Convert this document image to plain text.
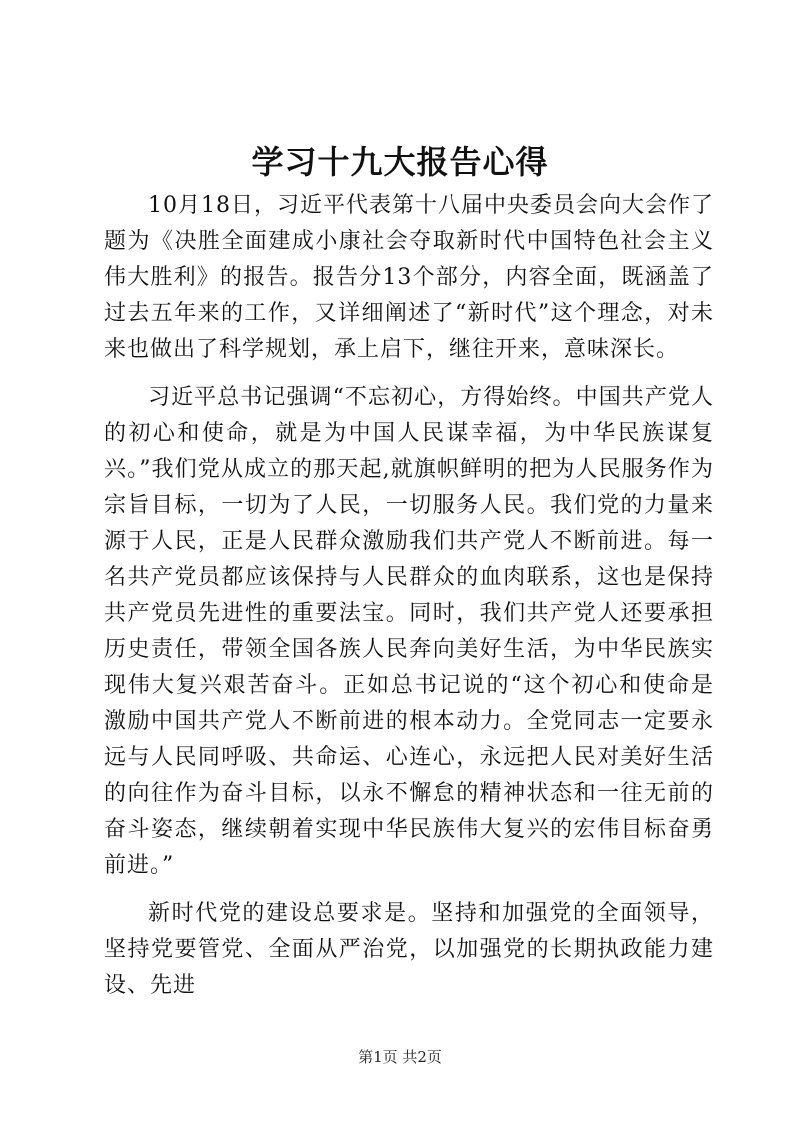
学习十九大报告心得

10月18日，习近平代表第十八届中央委员会向大会作了题为《决胜全面建成小康社会夺取新时代中国特色社会主义伟大胜利》的报告。报告分13个部分，内容全面，既涵盖了过去五年来的工作，又详细阐述了“新时代”这个理念，对未来也做出了科学规划，承上启下，继往开来，意味深长。

习近平总书记强调“不忘初心，方得始终。中国共产党人的初心和使命，就是为中国人民谋幸福，为中华民族谋复兴。”我们党从成立的那天起,就旗帜鲜明的把为人民服务作为宗旨目标，一切为了人民，一切服务人民。我们党的力量来源于人民，正是人民群众激励我们共产党人不断前进。每一名共产党员都应该保持与人民群众的血肉联系，这也是保持共产党员先进性的重要法宝。同时，我们共产党人还要承担历史责任，带领全国各族人民奔向美好生活，为中华民族实现伟大复兴艰苦奋斗。正如总书记说的“这个初心和使命是激励中国共产党人不断前进的根本动力。全党同志一定要永远与人民同呼吸、共命运、心连心，永远把人民对美好生活的向往作为奋斗目标，以永不懈怠的精神状态和一往无前的奋斗姿态，继续朝着实现中华民族伟大复兴的宏伟目标奋勇前进。”

新时代党的建设总要求是。坚持和加强党的全面领导，坚持党要管党、全面从严治党，以加强党的长期执政能力建设、先进

第1页 共2页
